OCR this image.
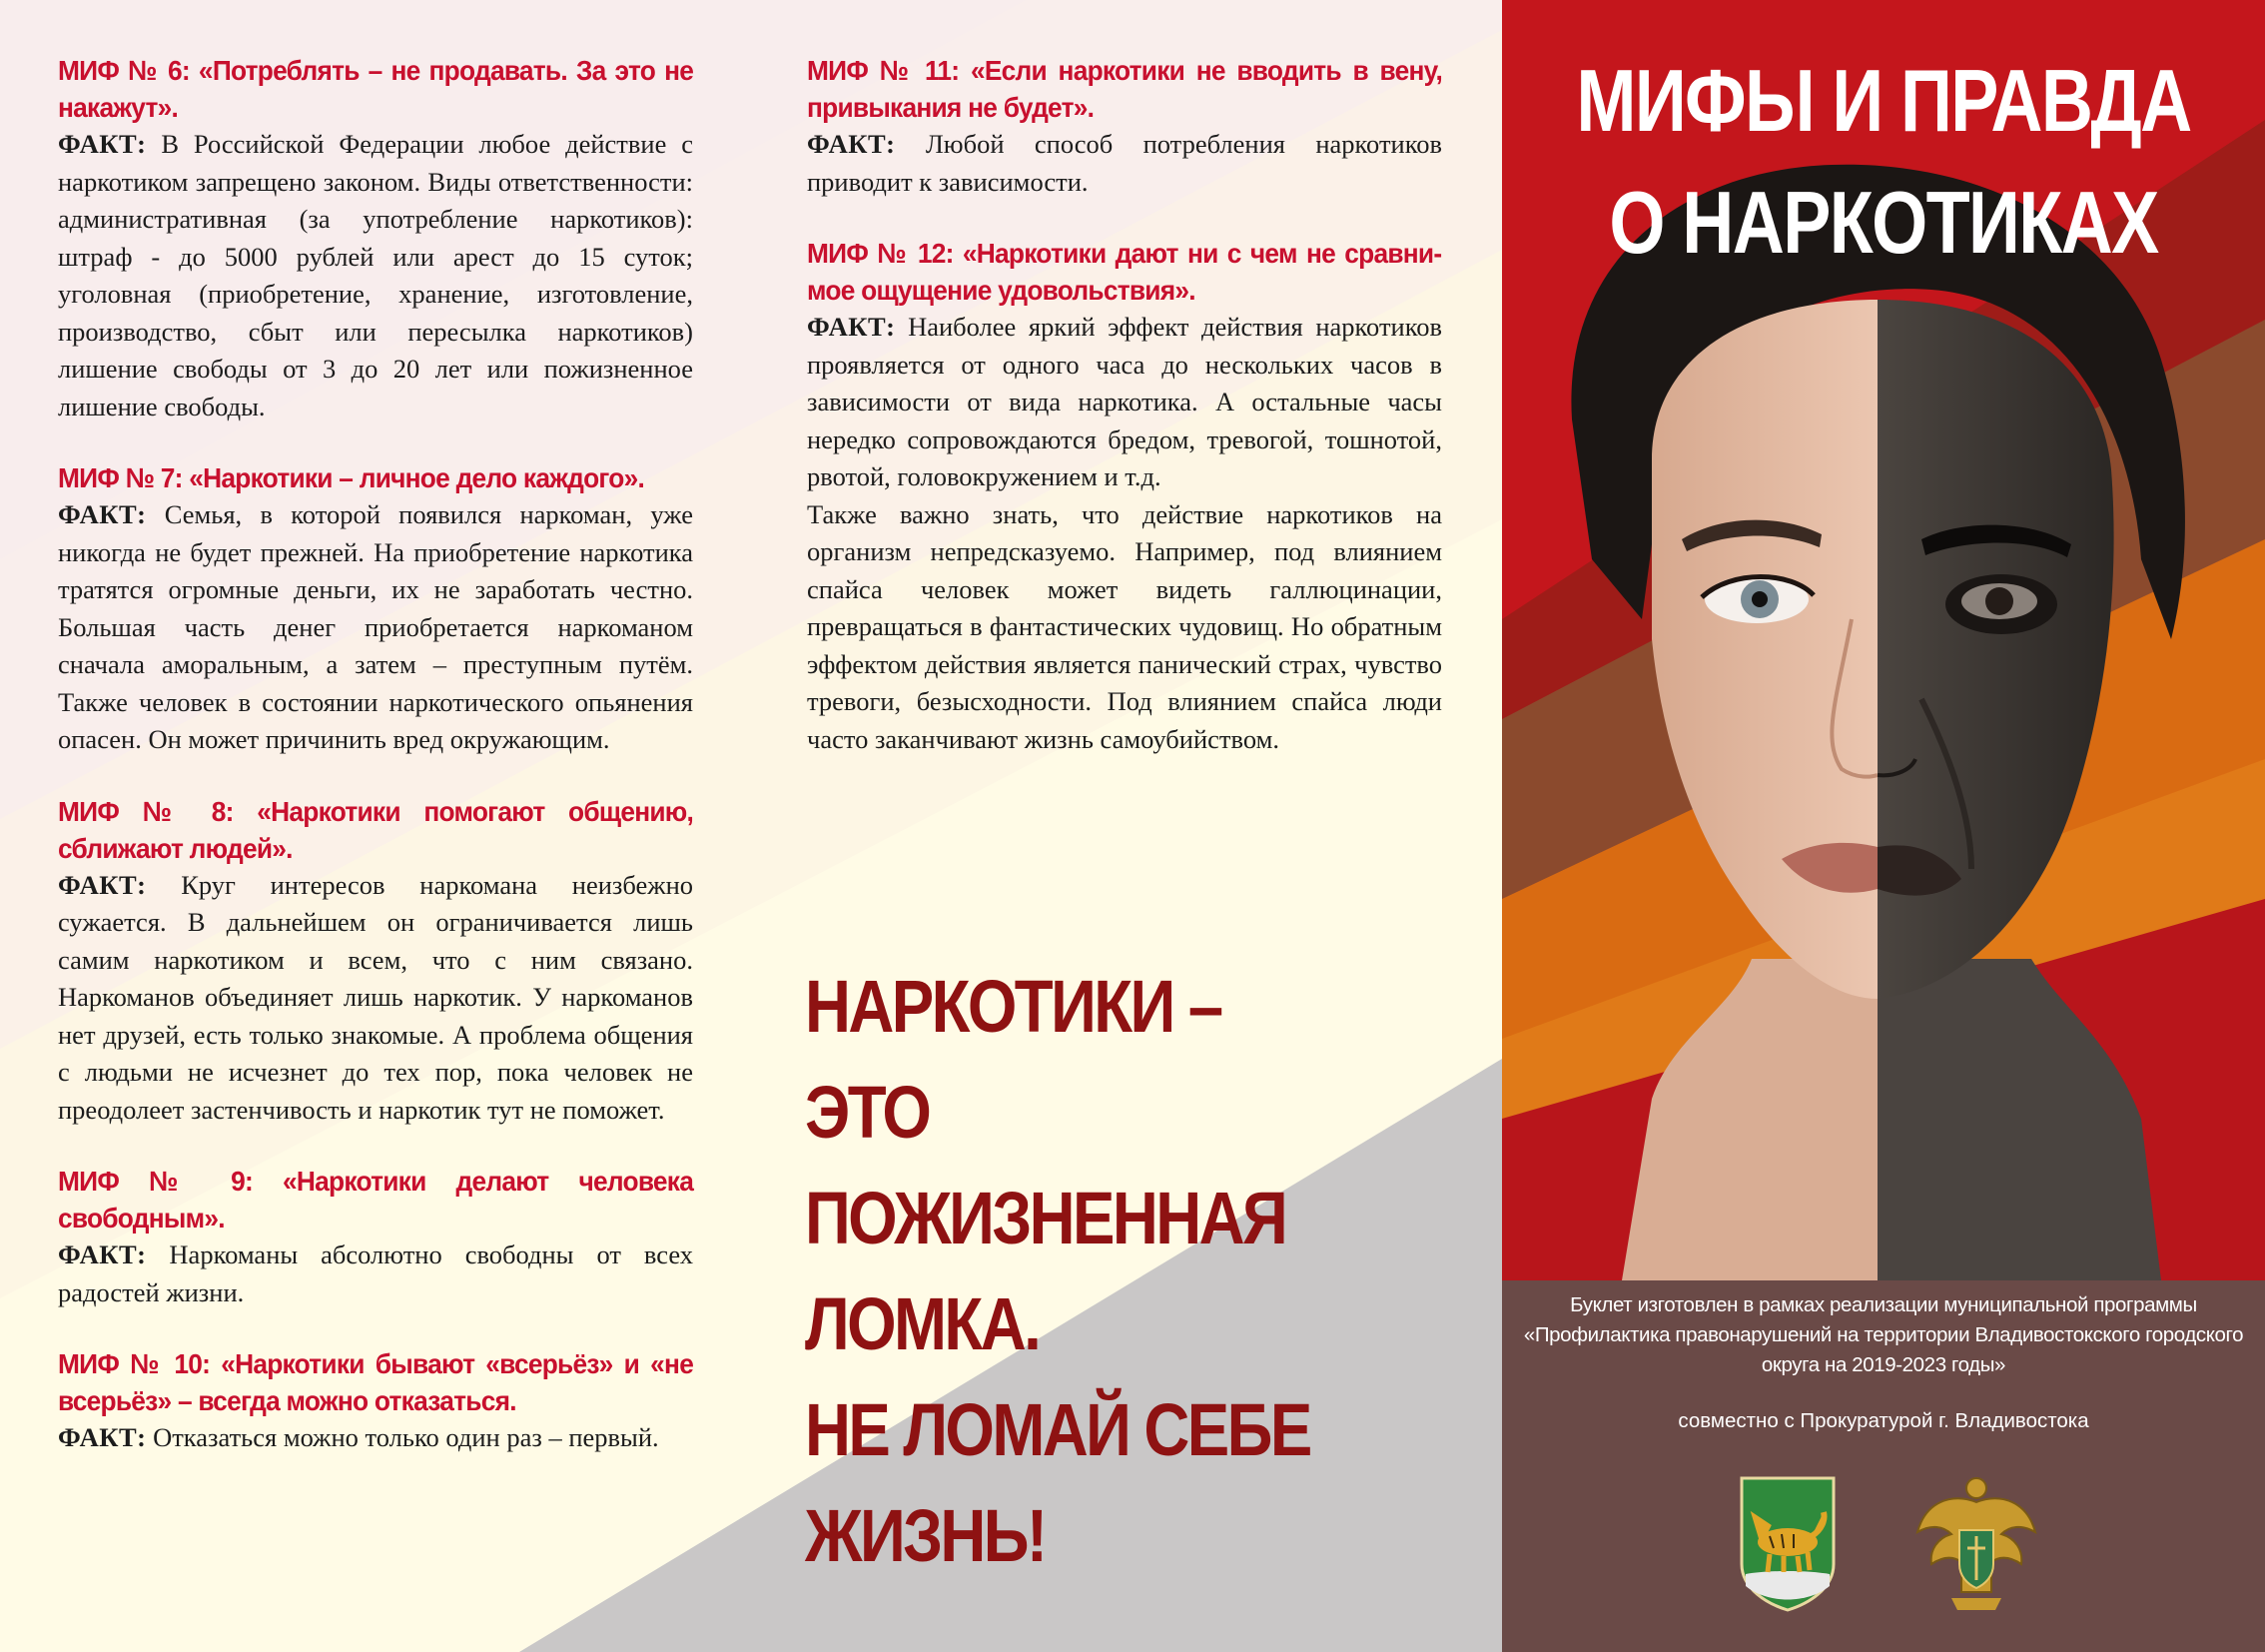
МИФ № 6: «Потреблять – не продавать. За это не накажут».
ФАКТ: В Российской Федерации любое действие с наркотиком запрещено законом. Виды ответственности: административная (за употребление наркотиков): штраф - до 5000 рублей или арест до 15 суток; уголовная (приобретение, хранение, изготовление, производство, сбыт или пересылка наркотиков) лишение свободы от 3 до 20 лет или пожизненное лишение свободы.
МИФ № 7: «Наркотики – личное дело каждого».
ФАКТ: Семья, в которой появился наркоман, уже никогда не будет прежней. На приобретение наркотика тратятся огромные деньги, их не заработать честно. Большая часть денег приобретается наркоманом сначала аморальным, а затем – преступным путём. Также человек в состоянии наркотического опьянения опасен. Он может причинить вред окружающим.
МИФ № 8: «Наркотики помогают общению, сближают людей».
ФАКТ: Круг интересов наркомана неизбежно сужается. В дальнейшем он ограничивается лишь самим наркотиком и всем, что с ним связано. Наркоманов объединяет лишь наркотик. У наркоманов нет друзей, есть только знакомые. А проблема общения с людьми не исчезнет до тех пор, пока человек не преодолеет застенчивость и наркотик тут не поможет.
МИФ № 9: «Наркотики делают человека свободным».
ФАКТ: Наркоманы абсолютно свободны от всех радостей жизни.
МИФ № 10: «Наркотики бывают «всерьёз» и «не всерьёз» – всегда можно отказаться.
ФАКТ: Отказаться можно только один раз – первый.
МИФ № 11: «Если наркотики не вводить в вену, привыкания не будет».
ФАКТ: Любой способ потребления наркотиков приводит к зависимости.
МИФ № 12: «Наркотики дают ни с чем не сравнимое ощущение удовольствия».
ФАКТ: Наиболее яркий эффект действия наркотиков проявляется от одного часа до нескольких часов в зависимости от вида наркотика. А остальные часы нередко сопровождаются бредом, тревогой, тошнотой, рвотой, головокружением и т.д.
Также важно знать, что действие наркотиков на организм непредсказуемо. Например, под влиянием спайса человек может видеть галлюцинации, превращаться в фантастических чудовищ. Но обратным эффектом действия является панический страх, чувство тревоги, безысходности. Под влиянием спайса люди часто заканчивают жизнь самоубийством.
НАРКОТИКИ –
ЭТО
ПОЖИЗНЕННАЯ
ЛОМКА.
НЕ ЛОМАЙ СЕБЕ
ЖИЗНЬ!
МИФЫ И ПРАВДА
О НАРКОТИКАХ
Буклет изготовлен в рамках реализации муниципальной программы «Профилактика правонарушений на территории Владивостокского городского округа на 2019-2023 годы»
совместно с Прокуратурой г. Владивостока
